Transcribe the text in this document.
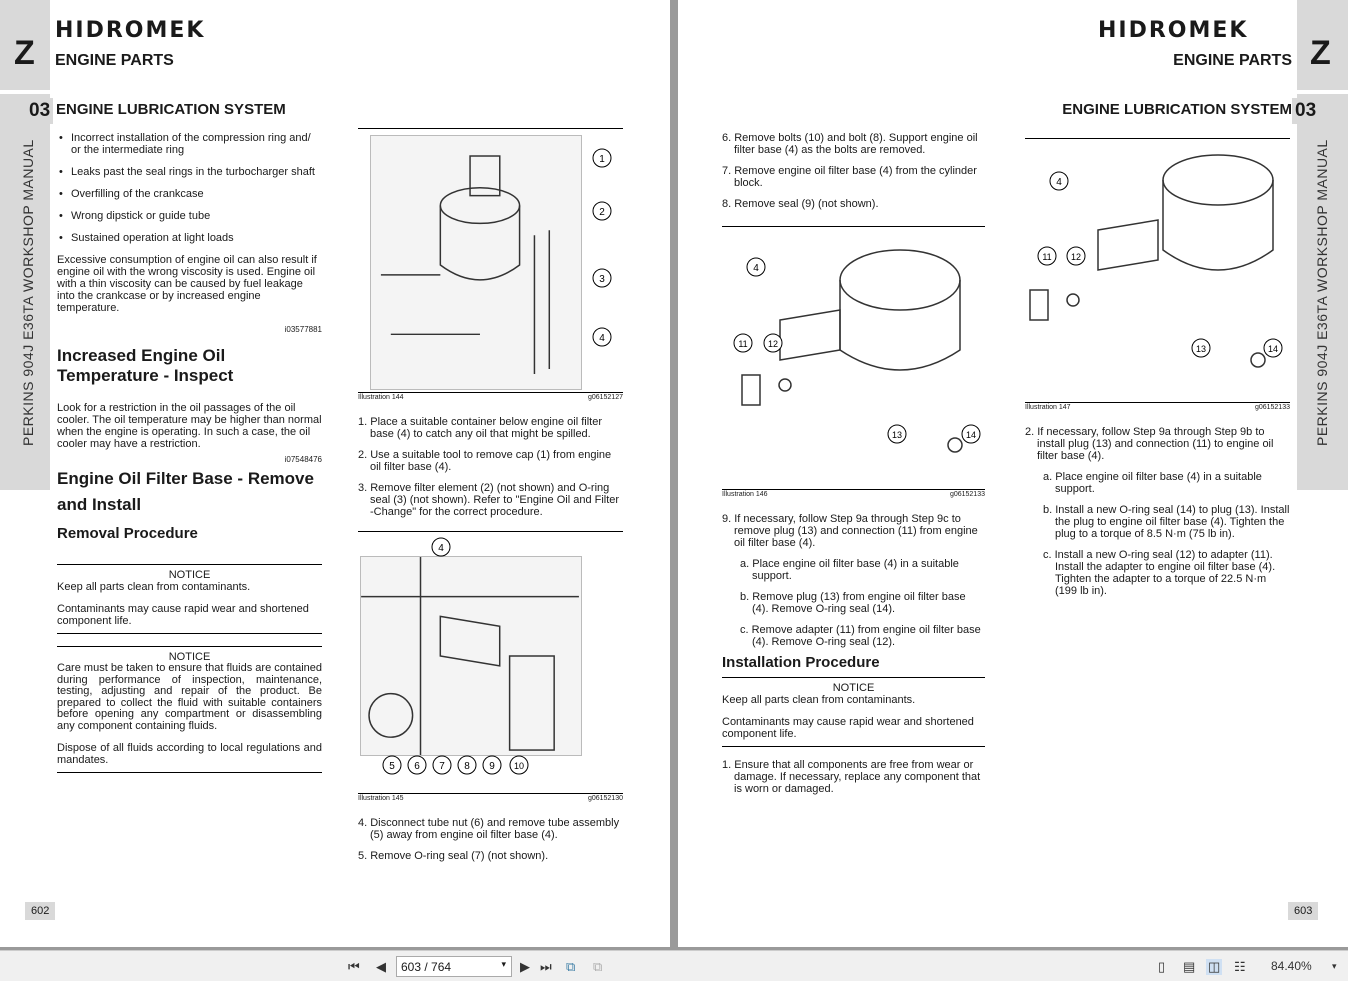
Z
HIDROMEK
ENGINE PARTS
03 ENGINE LUBRICATION SYSTEM
PERKINS 904J E36TA WORKSHOP MANUAL
• Incorrect installation of the compression ring and/ or the intermediate ring
• Leaks past the seal rings in the turbocharger shaft
• Overfilling of the crankcase
• Wrong dipstick or guide tube
• Sustained operation at light loads

Excessive consumption of engine oil can also result if engine oil with the wrong viscosity is used. Engine oil with a thin viscosity can be caused by fuel leakage into the crankcase or by increased engine temperature.

i03577881
Increased Engine Oil Temperature - Inspect

Look for a restriction in the oil passages of the oil cooler. The oil temperature may be higher than normal when the engine is operating. In such a case, the oil cooler may have a restriction.

i07548476
Engine Oil Filter Base - Remove and Install
Removal Procedure
NOTICE

Keep all parts clean from contaminants.

Contaminants may cause rapid wear and shortened component life.

NOTICE

Care must be taken to ensure that fluids are contained during performance of inspection, maintenance, testing, adjusting and repair of the product. Be prepared to collect the fluid with suitable containers before opening any compartment or disassembling any component containing fluids.

Dispose of all fluids according to local regulations and mandates.

1
2
3
4
Illustration 144	g06152127
1. Place a suitable container below engine oil filter base (4) to catch any oil that might be spilled.
2. Use a suitable tool to remove cap (1) from engine oil filter base (4).
3. Remove filter element (2) (not shown) and O-ring seal (3) (not shown). Refer to "Engine Oil and Filter -Change" for the correct procedure.
4
5 6 7 8 9 10
Illustration 145	g06152130
4. Disconnect tube nut (6) and remove tube assembly (5) away from engine oil filter base (4).
5. Remove O-ring seal (7) (not shown).
602
HIDROMEK
Z
ENGINE PARTS
ENGINE LUBRICATION SYSTEM 03
PERKINS 904J E36TA WORKSHOP MANUAL
6. Remove bolts (10) and bolt (8). Support engine oil filter base (4) as the bolts are removed.
7. Remove engine oil filter base (4) from the cylinder block.
8. Remove seal (9) (not shown).
4
11 12
13	14
Illustration 146	g06152133
9. If necessary, follow Step 9a through Step 9c to remove plug (13) and connection (11) from engine oil filter base (4).
a. Place engine oil filter base (4) in a suitable support.
b. Remove plug (13) from engine oil filter base (4). Remove O-ring seal (14).
c. Remove adapter (11) from engine oil filter base (4). Remove O-ring seal (12).
Installation Procedure
NOTICE

Keep all parts clean from contaminants.

Contaminants may cause rapid wear and shortened component life.

1. Ensure that all components are free from wear or damage. If necessary, replace any component that is worn or damaged.
4
11 12
13	14
Illustration 147	g06152133
2. If necessary, follow Step 9a through Step 9b to install plug (13) and connection (11) to engine oil filter base (4).
a. Place engine oil filter base (4) in a suitable support.
b. Install a new O-ring seal (14) to plug (13). Install the plug to engine oil filter base (4). Tighten the plug to a torque of 8.5 N·m (75 lb in).
c. Install a new O-ring seal (12) to adapter (11). Install the adapter to engine oil filter base (4). Tighten the adapter to a torque of 22.5 N·m (199 lb in).
603
⏮ ◀	603 / 764	▾ ▶ ⏭ ⧉ ⧉	▯ ▤ ◫ ☷ 84.40% ▾
